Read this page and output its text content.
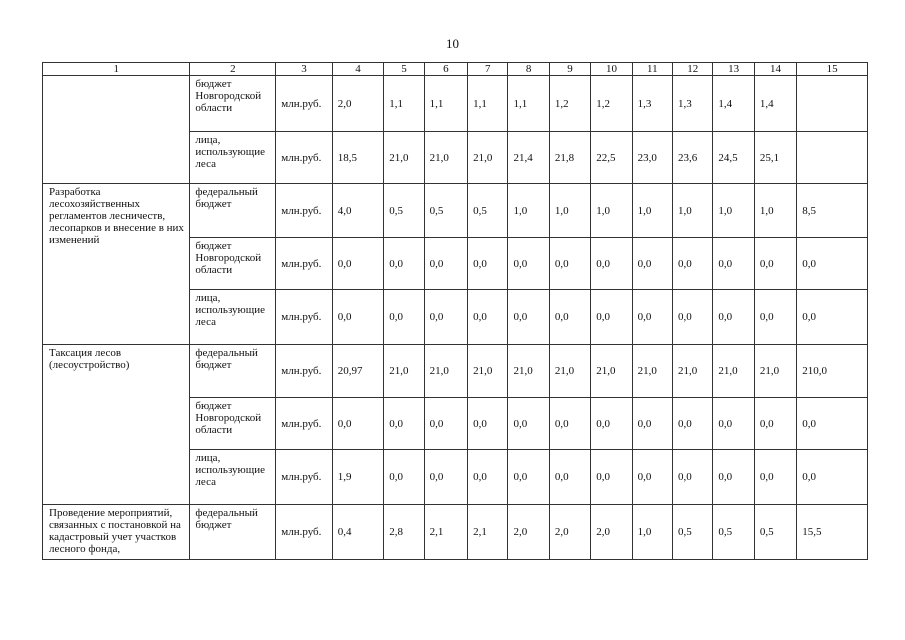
10
1	2	3	4	5	6	7	8	9	10	11	12	13	14	15
	бюджет Новгородской области	млн.руб.	2,0	1,1	1,1	1,1	1,1	1,2	1,2	1,3	1,3	1,4	1,4	
	лица, использующие леса	млн.руб.	18,5	21,0	21,0	21,0	21,4	21,8	22,5	23,0	23,6	24,5	25,1	
Разработка лесохозяйственных регламентов лесничеств, лесопарков и внесение в них изменений	федеральный бюджет	млн.руб.	4,0	0,5	0,5	0,5	1,0	1,0	1,0	1,0	1,0	1,0	1,0	8,5
	бюджет Новгородской области	млн.руб.	0,0	0,0	0,0	0,0	0,0	0,0	0,0	0,0	0,0	0,0	0,0	0,0
	лица, использующие леса	млн.руб.	0,0	0,0	0,0	0,0	0,0	0,0	0,0	0,0	0,0	0,0	0,0	0,0
Таксация лесов (лесоустройство)	федеральный бюджет	млн.руб.	20,97	21,0	21,0	21,0	21,0	21,0	21,0	21,0	21,0	21,0	21,0	210,0
	бюджет Новгородской области	млн.руб.	0,0	0,0	0,0	0,0	0,0	0,0	0,0	0,0	0,0	0,0	0,0	0,0
	лица, использующие леса	млн.руб.	1,9	0,0	0,0	0,0	0,0	0,0	0,0	0,0	0,0	0,0	0,0	0,0
Проведение мероприятий, связанных с постановкой на кадастровый учет участков лесного фонда,	федеральный бюджет	млн.руб.	0,4	2,8	2,1	2,1	2,0	2,0	2,0	1,0	0,5	0,5	0,5	15,5
